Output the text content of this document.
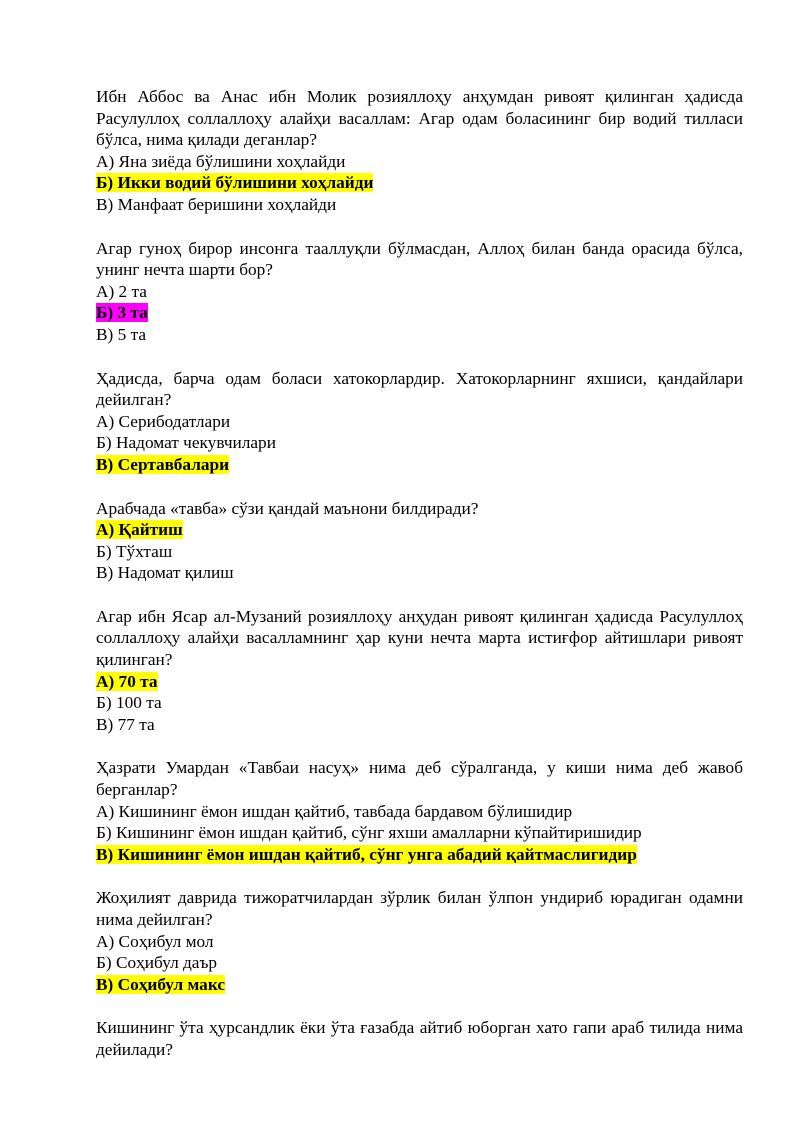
Ибн Аббос ва Анас ибн Молик розияллоҳу анҳумдан ривоят қилинган ҳадисда Расулуллоҳ соллаллоҳу алайҳи васаллам: Агар одам боласининг бир водий тилласи бўлса, нима қилади деганлар?

А) Яна зиёда бўлишини хоҳлайди

Б) Икки водий бўлишини хоҳлайди

В) Манфаат беришини хоҳлайди

Агар гуноҳ бирор инсонга тааллуқли бўлмасдан, Аллоҳ билан банда орасида бўлса, унинг нечта шарти бор?

А) 2 та

Б) 3 та

В) 5 та

Ҳадисда, барча одам боласи хатокорлардир. Хатокорларнинг яхшиси, қандайлари дейилган?

А) Серибодатлари

Б) Надомат чекувчилари

В) Сертавбалари

Арабчада «тавба» сўзи қандай маънони билдиради?

А) Қайтиш

Б) Тўхташ

В) Надомат қилиш

Агар ибн Ясар ал-Музаний розияллоҳу анҳудан ривоят қилинган ҳадисда Расулуллоҳ соллаллоҳу алайҳи васалламнинг ҳар куни нечта марта истиғфор айтишлари ривоят қилинган?

А) 70 та

Б) 100 та

В) 77 та

Ҳазрати Умардан «Тавбаи насуҳ» нима деб сўралганда, у киши нима деб жавоб берганлар?

А) Кишининг ёмон ишдан қайтиб, тавбада бардавом бўлишидир

Б) Кишининг ёмон ишдан қайтиб, сўнг яхши амалларни кўпайтиришидир

В) Кишининг ёмон ишдан қайтиб, сўнг унга абадий қайтмаслигидир

Жоҳилият даврида тижоратчилардан зўрлик билан ўлпон ундириб юрадиган одамни нима дейилган?

А) Соҳибул мол

Б) Соҳибул даър

В) Соҳибул макс

Кишининг ўта ҳурсандлик ёки ўта ғазабда айтиб юборган хато гапи араб тилида нима дейилади?
